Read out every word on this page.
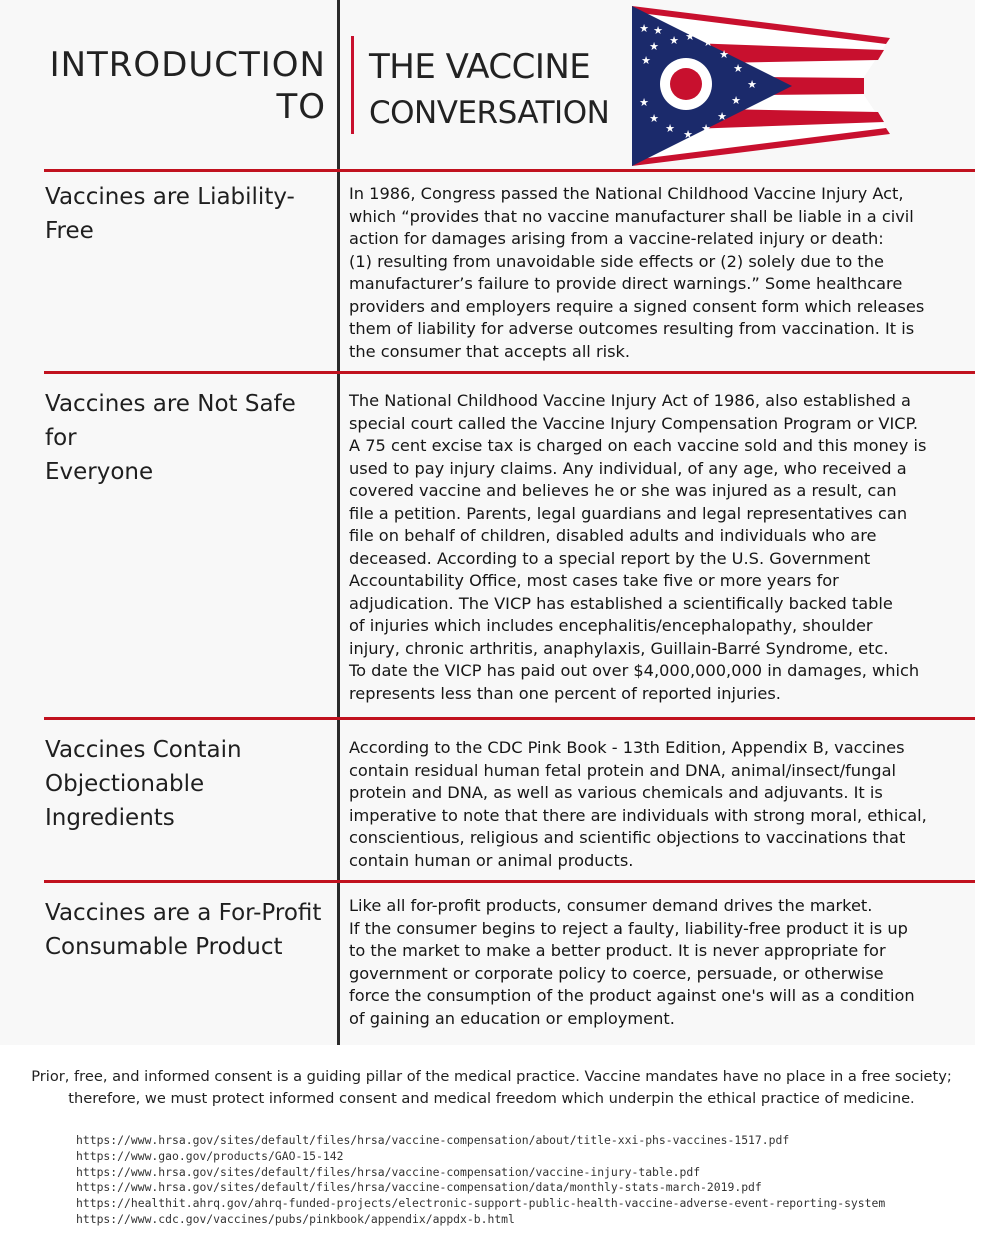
INTRODUCTION
TO
THE VACCINE
CONVERSATION
★ ★
★ ★ ★
★
★
★
★
★
★
★
★
★
★
★
★
Vaccines are Liability-Free
In 1986, Congress passed the National Childhood Vaccine Injury Act,
which “provides that no vaccine manufacturer shall be liable in a civil
action for damages arising from a vaccine-related injury or death:
(1) resulting from unavoidable side effects or (2) solely due to the
manufacturer’s failure to provide direct warnings.” Some healthcare
providers and employers require a signed consent form which releases
them of liability for adverse outcomes resulting from vaccination. It is
the consumer that accepts all risk.
Vaccines are Not Safe for
Everyone
The National Childhood Vaccine Injury Act of 1986, also established a
special court called the Vaccine Injury Compensation Program or VICP.
A 75 cent excise tax is charged on each vaccine sold and this money is
used to pay injury claims. Any individual, of any age, who received a
covered vaccine and believes he or she was injured as a result, can
file a petition. Parents, legal guardians and legal representatives can
file on behalf of children, disabled adults and individuals who are
deceased. According to a special report by the U.S. Government
Accountability Office, most cases take five or more years for
adjudication. The VICP has established a scientifically backed table
of injuries which includes encephalitis/encephalopathy, shoulder
injury, chronic arthritis, anaphylaxis, Guillain-Barré Syndrome, etc.
To date the VICP has paid out over $4,000,000,000 in damages, which
represents less than one percent of reported injuries.
Vaccines Contain
Objectionable Ingredients
According to the CDC Pink Book - 13th Edition, Appendix B, vaccines
contain residual human fetal protein and DNA, animal/insect/fungal
protein and DNA, as well as various chemicals and adjuvants. It is
imperative to note that there are individuals with strong moral, ethical,
conscientious, religious and scientific objections to vaccinations that
contain human or animal products.
Vaccines are a For-Profit
Consumable Product
Like all for-profit products, consumer demand drives the market.
If the consumer begins to reject a faulty, liability-free product it is up
to the market to make a better product. It is never appropriate for
government or corporate policy to coerce, persuade, or otherwise
force the consumption of the product against one's will as a condition
of gaining an education or employment.
Prior, free, and informed consent is a guiding pillar of the medical practice. Vaccine mandates have no place in a free society;
therefore, we must protect informed consent and medical freedom which underpin the ethical practice of medicine.
https://www.hrsa.gov/sites/default/files/hrsa/vaccine-compensation/about/title-xxi-phs-vaccines-1517.pdf
https://www.gao.gov/products/GAO-15-142
https://www.hrsa.gov/sites/default/files/hrsa/vaccine-compensation/vaccine-injury-table.pdf
https://www.hrsa.gov/sites/default/files/hrsa/vaccine-compensation/data/monthly-stats-march-2019.pdf
https://healthit.ahrq.gov/ahrq-funded-projects/electronic-support-public-health-vaccine-adverse-event-reporting-system
https://www.cdc.gov/vaccines/pubs/pinkbook/appendix/appdx-b.html
